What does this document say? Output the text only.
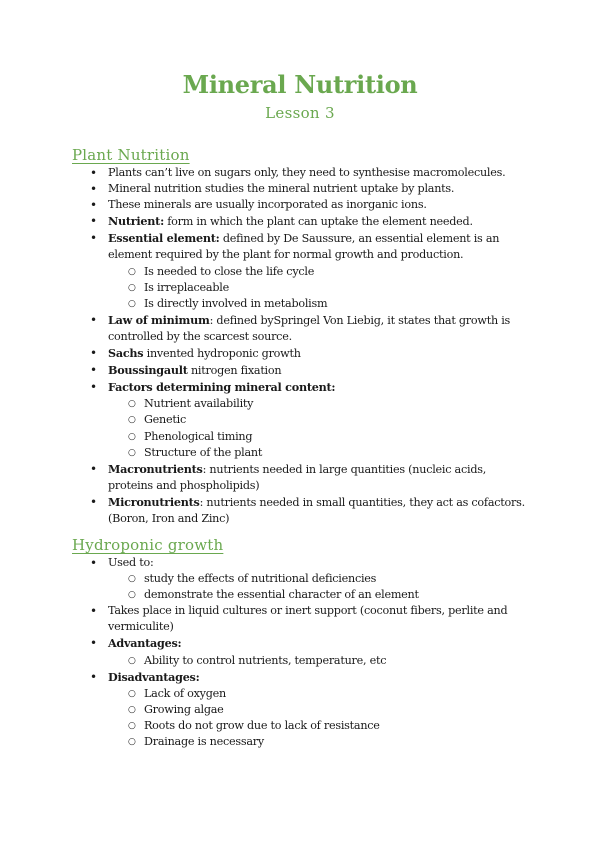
Mineral Nutrition
Lesson 3
Plant Nutrition
• Plants can’t live on sugars only, they need to synthesise macromolecules.
• Mineral nutrition studies the mineral nutrient uptake by plants.
• These minerals are usually incorporated as inorganic ions.
• Nutrient: form in which the plant can uptake the element needed.
• Essential element: defined by De Saussure, an essential element is an element required by the plant for normal growth and production.
○ Is needed to close the life cycle
○ Is irreplaceable
○ Is directly involved in metabolism
• Law of minimum: defined bySpringel Von Liebig, it states that growth is controlled by the scarcest source.
• Sachs invented hydroponic growth
• Boussingault nitrogen fixation
• Factors determining mineral content:
○ Nutrient availability
○ Genetic
○ Phenological timing
○ Structure of the plant
• Macronutrients: nutrients needed in large quantities (nucleic acids, proteins and phospholipids)
• Micronutrients: nutrients needed in small quantities, they act as cofactors. (Boron, Iron and Zinc)
Hydroponic growth
• Used to:
○ study the effects of nutritional deficiencies
○ demonstrate the essential character of an element
• Takes place in liquid cultures or inert support (coconut fibers, perlite and vermiculite)
• Advantages:
○ Ability to control nutrients, temperature, etc
• Disadvantages:
○ Lack of oxygen
○ Growing algae
○ Roots do not grow due to lack of resistance
○ Drainage is necessary
